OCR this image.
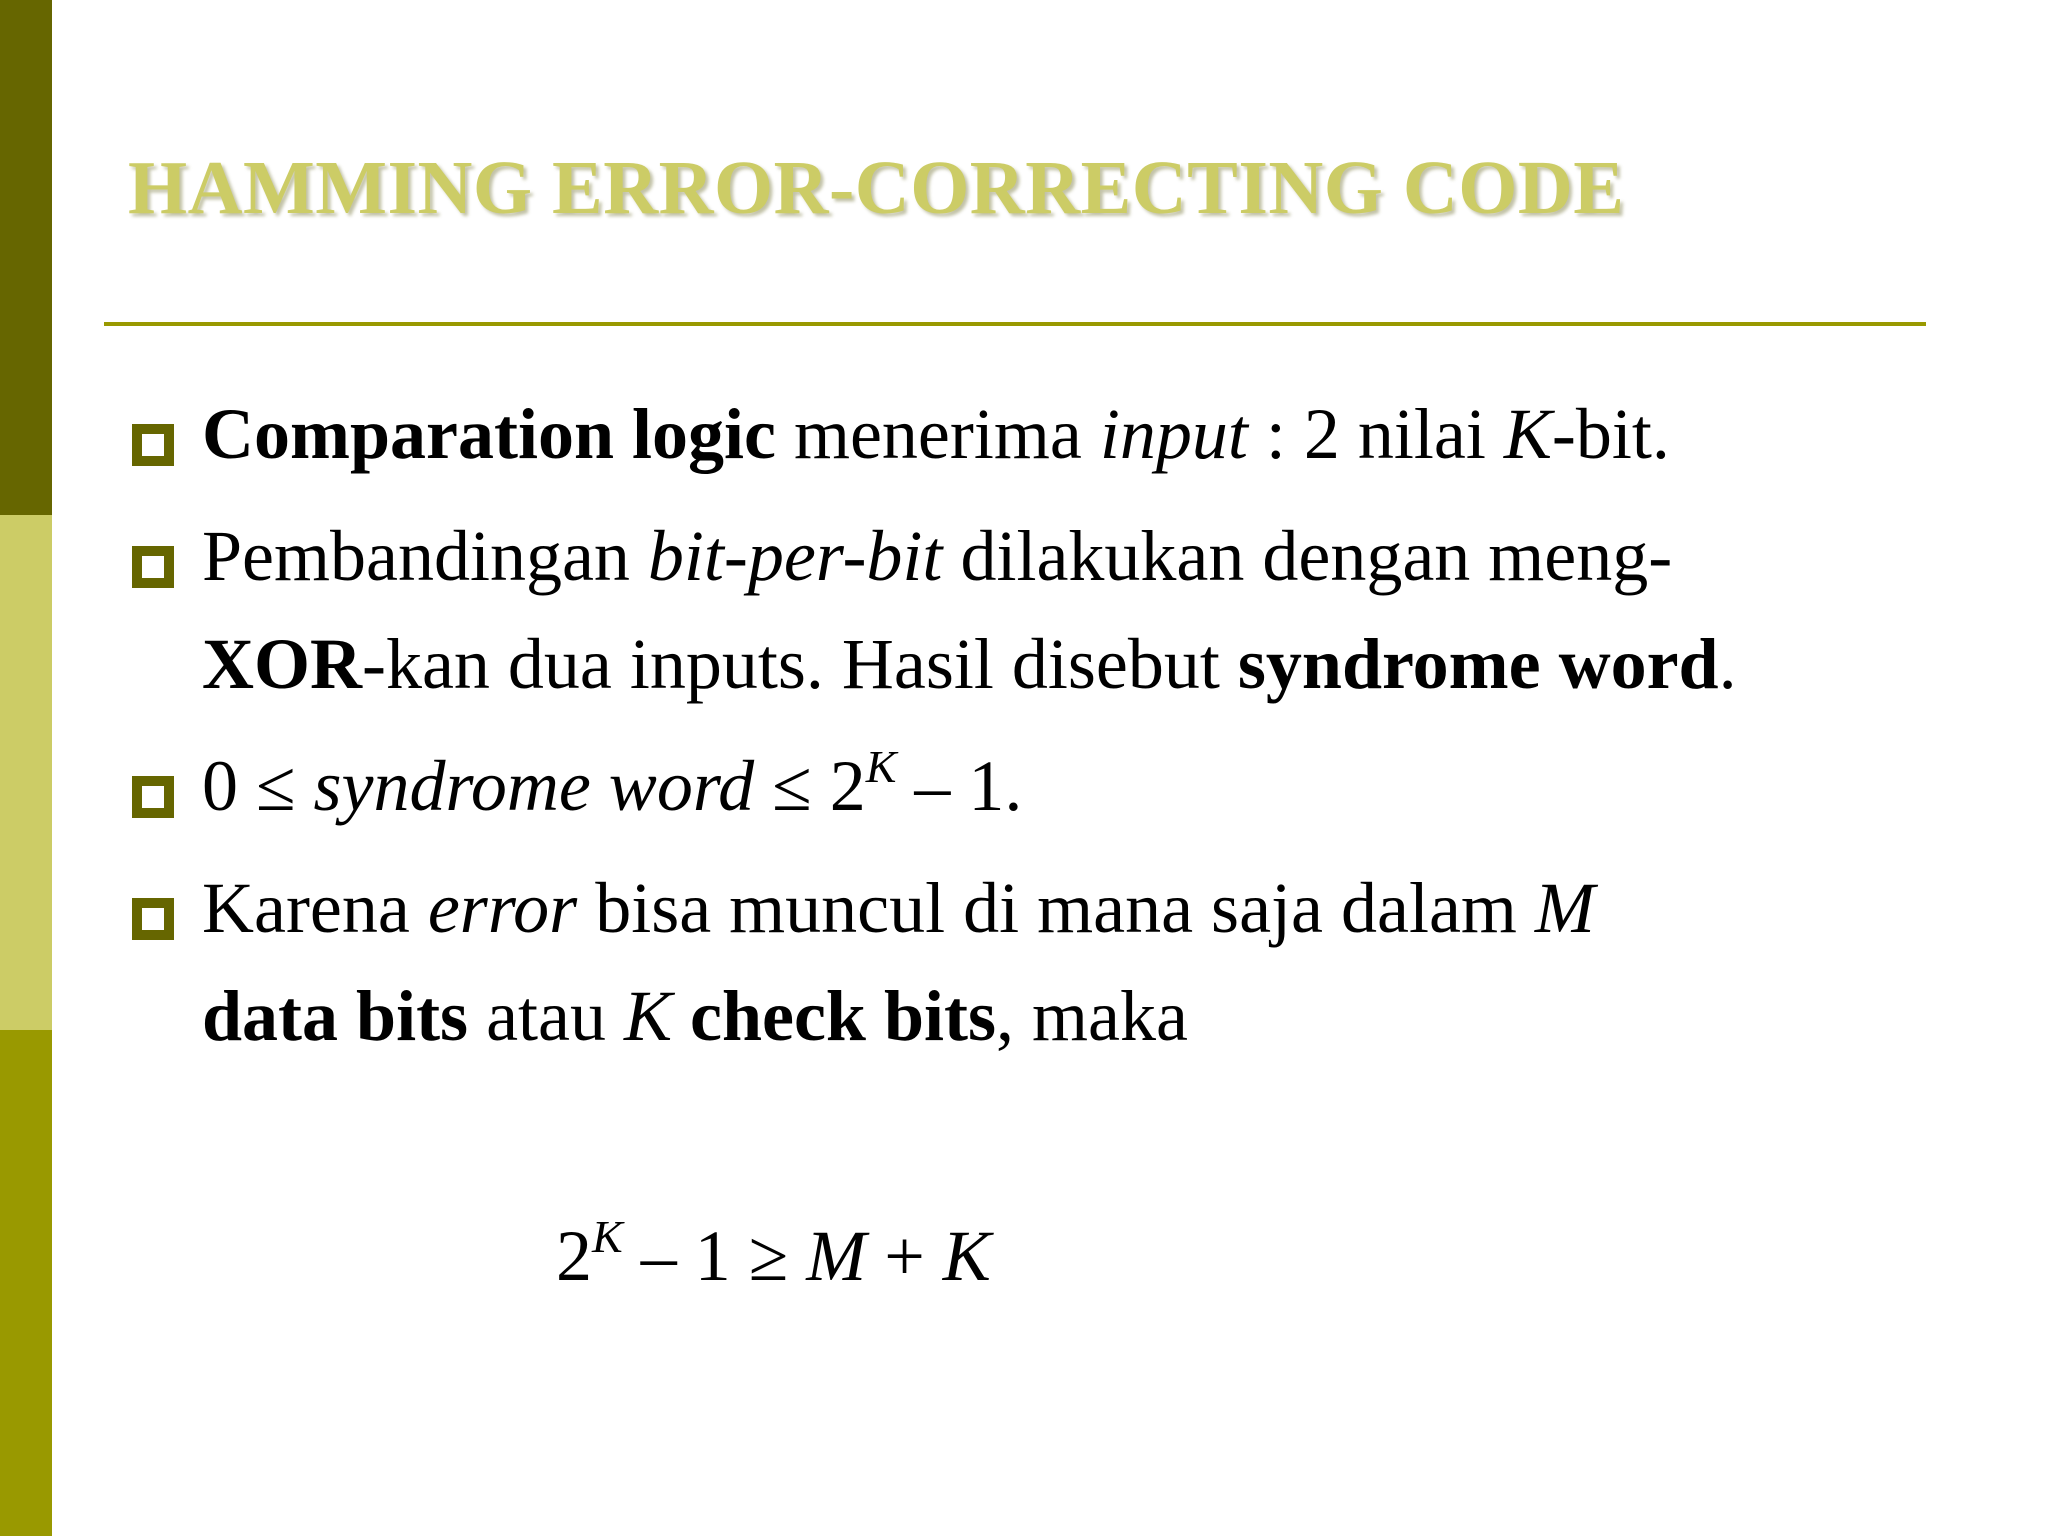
HAMMING ERROR-CORRECTING CODE
Comparation logic menerima input : 2 nilai K-bit.
Pembandingan bit-per-bit dilakukan dengan meng-
XOR-kan dua inputs. Hasil disebut syndrome word.
0 ≤ syndrome word ≤ $2^K - 1$.
Karena error bisa muncul di mana saja dalam M
data bits atau K check bits, maka
$2^K - 1 \ge M + K$
